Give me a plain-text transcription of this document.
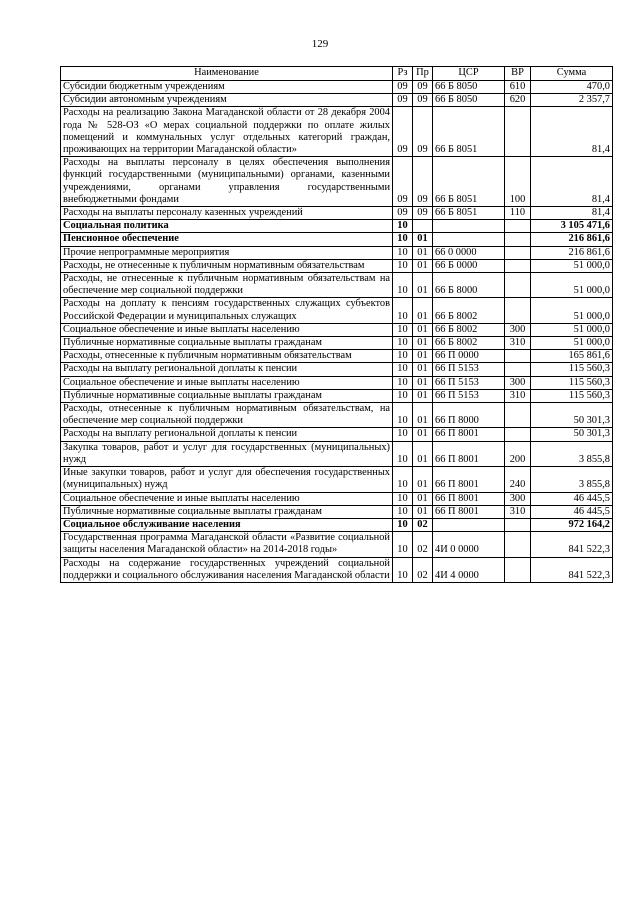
129
Наименование	Рз	Пр	ЦСР	ВР	Сумма
Субсидии бюджетным учреждениям	09	09	66 Б 8050	610	470,0
Субсидии автономным учреждениям	09	09	66 Б 8050	620	2 357,7
Расходы на реализацию Закона Магаданской области от 28 декабря 2004 года № 528-ОЗ «О мерах социальной поддержки по оплате жилых помещений и коммунальных услуг отдельных категорий граждан, проживающих на территории Магаданской области»	09	09	66 Б 8051		81,4
Расходы на выплаты персоналу в целях обеспечения выполнения функций государственными (муниципальными) органами, казенными учреждениями, органами управления государственными внебюджетными фондами	09	09	66 Б 8051	100	81,4
Расходы на выплаты персоналу казенных учреждений	09	09	66 Б 8051	110	81,4
Социальная политика	10				3 105 471,6
Пенсионное обеспечение	10	01			216 861,6
Прочие непрограммные мероприятия	10	01	66 0 0000		216 861,6
Расходы, не отнесенные к публичным нормативным обязательствам	10	01	66 Б 0000		51 000,0
Расходы, не отнесенные к публичным нормативным обязательствам на обеспечение мер социальной поддержки	10	01	66 Б 8000		51 000,0
Расходы на доплату к пенсиям государственных служащих субъектов Российской Федерации и муниципальных служащих	10	01	66 Б 8002		51 000,0
Социальное обеспечение и иные выплаты населению	10	01	66 Б 8002	300	51 000,0
Публичные нормативные социальные выплаты гражданам	10	01	66 Б 8002	310	51 000,0
Расходы, отнесенные к публичным нормативным обязательствам	10	01	66 П 0000		165 861,6
Расходы на выплату региональной доплаты к пенсии	10	01	66 П 5153		115 560,3
Социальное обеспечение и иные выплаты населению	10	01	66 П 5153	300	115 560,3
Публичные нормативные социальные выплаты гражданам	10	01	66 П 5153	310	115 560,3
Расходы, отнесенные к публичным нормативным обязательствам, на обеспечение мер социальной поддержки	10	01	66 П 8000		50 301,3
Расходы на выплату региональной доплаты к пенсии	10	01	66 П 8001		50 301,3
Закупка товаров, работ и услуг для государственных (муниципальных) нужд	10	01	66 П 8001	200	3 855,8
Иные закупки товаров, работ и услуг для обеспечения государственных (муниципальных) нужд	10	01	66 П 8001	240	3 855,8
Социальное обеспечение и иные выплаты населению	10	01	66 П 8001	300	46 445,5
Публичные нормативные социальные выплаты гражданам	10	01	66 П 8001	310	46 445,5
Социальное обслуживание населения	10	02			972 164,2
Государственная программа Магаданской области «Развитие социальной защиты населения Магаданской области» на 2014-2018 годы»	10	02	4И 0 0000		841 522,3
Расходы на содержание государственных учреждений социальной поддержки и социального обслуживания населения Магаданской области	10	02	4И 4 0000		841 522,3
